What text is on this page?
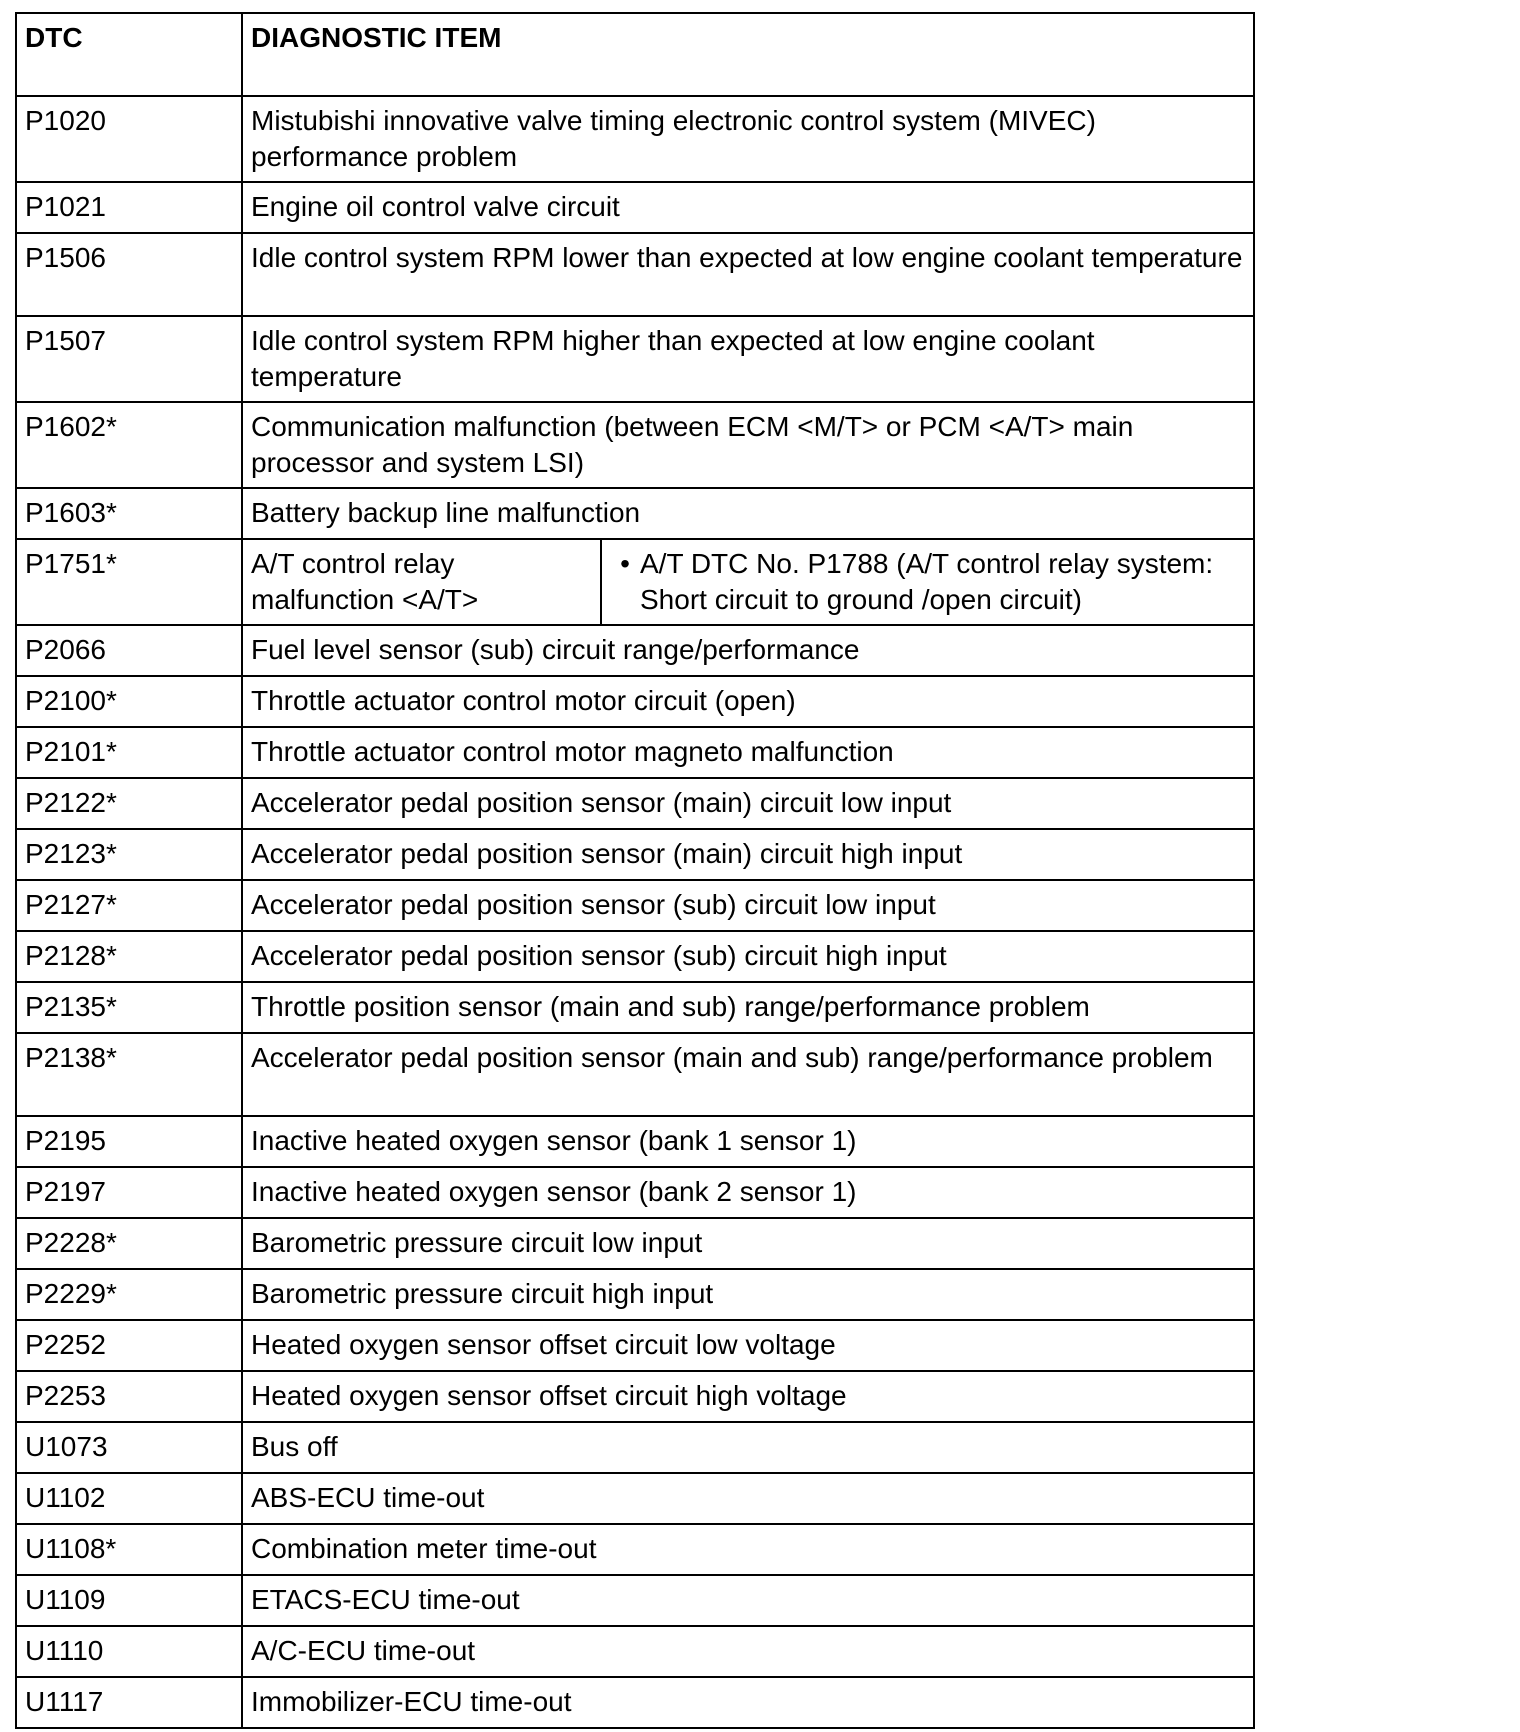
DTC	DIAGNOSTIC ITEM	
P1020	Mistubishi innovative valve timing electronic control system (MIVEC) performance problem	
P1021	Engine oil control valve circuit	
P1506	Idle control system RPM lower than expected at low engine coolant temperature	
P1507	Idle control system RPM higher than expected at low engine coolant temperature	
P1602*	Communication malfunction (between ECM <M/T> or PCM <A/T> main processor and system LSI)	
P1603*	Battery backup line malfunction	
P1751*	A/T control relay malfunction <A/T>	• A/T DTC No. P1788 (A/T control relay system: Short circuit to ground /open circuit)

P2066	Fuel level sensor (sub) circuit range/performance	
P2100*	Throttle actuator control motor circuit (open)	
P2101*	Throttle actuator control motor magneto malfunction	
P2122*	Accelerator pedal position sensor (main) circuit low input	
P2123*	Accelerator pedal position sensor (main) circuit high input	
P2127*	Accelerator pedal position sensor (sub) circuit low input	
P2128*	Accelerator pedal position sensor (sub) circuit high input	
P2135*	Throttle position sensor (main and sub) range/performance problem	
P2138*	Accelerator pedal position sensor (main and sub) range/performance problem	
P2195	Inactive heated oxygen sensor (bank 1 sensor 1)	
P2197	Inactive heated oxygen sensor (bank 2 sensor 1)	
P2228*	Barometric pressure circuit low input	
P2229*	Barometric pressure circuit high input	
P2252	Heated oxygen sensor offset circuit low voltage	
P2253	Heated oxygen sensor offset circuit high voltage	
U1073	Bus off	
U1102	ABS-ECU time-out	
U1108*	Combination meter time-out	
U1109	ETACS-ECU time-out	
U1110	A/C-ECU time-out	
U1117	Immobilizer-ECU time-out	
